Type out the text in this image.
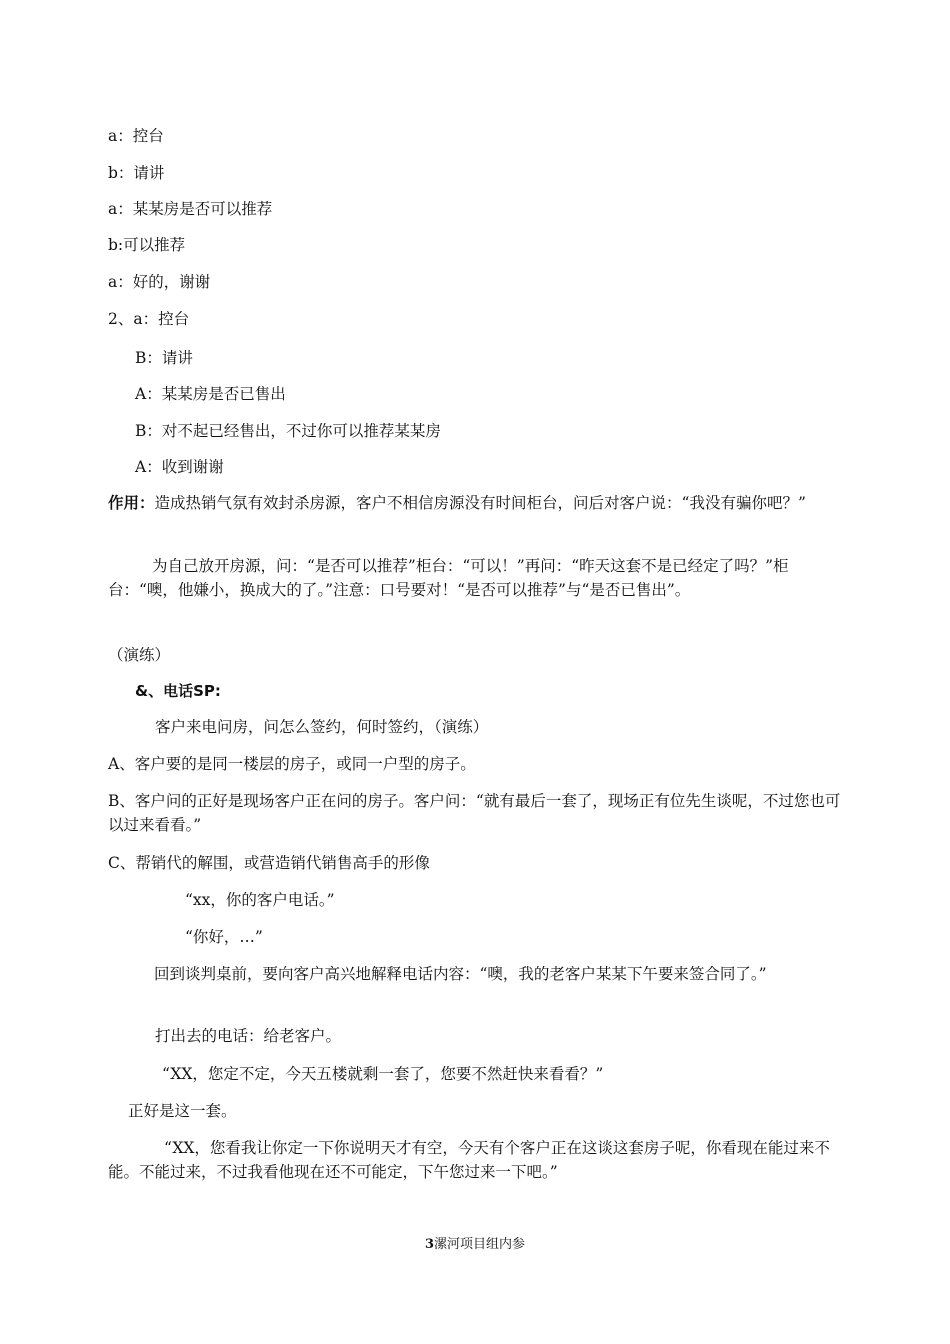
a：控台
b：请讲
a：某某房是否可以推荐
b:可以推荐
a：好的，谢谢
2、a：控台
B：请讲
A：某某房是否已售出
B：对不起已经售出，不过你可以推荐某某房
A：收到谢谢
作用：造成热销气氛有效封杀房源，客户不相信房源没有时间柜台，问后对客户说：“我没有骗你吧？”
为自己放开房源，问：“是否可以推荐”柜台：“可以！”再问：“昨天这套不是已经定了吗？”柜台：“噢，他嫌小，换成大的了。”注意：口号要对！“是否可以推荐”与“是否已售出”。
（演练）
&、电话SP:
客户来电问房，问怎么签约，何时签约，（演练）
A、客户要的是同一楼层的房子，或同一户型的房子。
B、客户问的正好是现场客户正在问的房子。客户问：“就有最后一套了，现场正有位先生谈呢，不过您也可以过来看看。”
C、帮销代的解围，或营造销代销售高手的形像
“xx，你的客户电话。”
“你好，…”
回到谈判桌前，要向客户高兴地解释电话内容：“噢，我的老客户某某下午要来签合同了。”
打出去的电话：给老客户。
“XX，您定不定，今天五楼就剩一套了，您要不然赶快来看看？”
正好是这一套。
“XX，您看我让你定一下你说明天才有空，今天有个客户正在这谈这套房子呢，你看现在能过来不能。不能过来，不过我看他现在还不可能定，下午您过来一下吧。”
3漯河项目组内参
